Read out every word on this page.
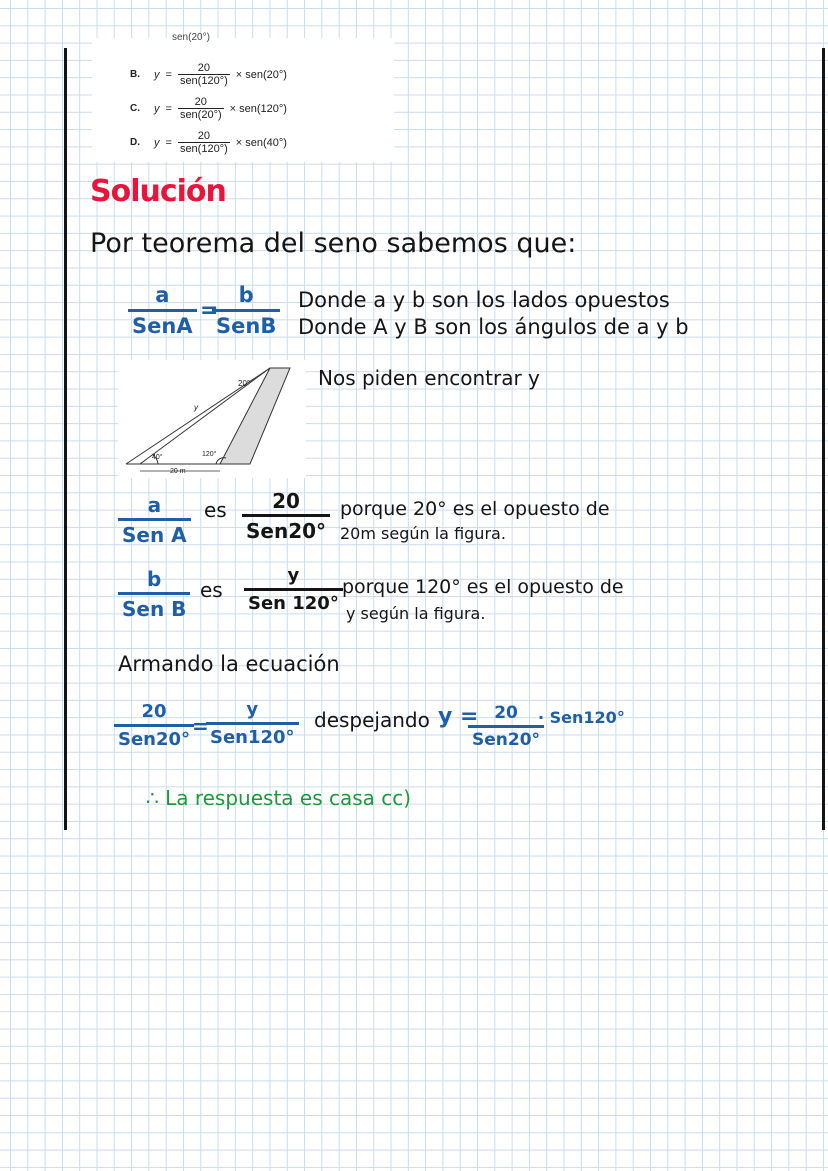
sen(20°)
B.	$y = \frac{20}{\text{sen(120°)}} \times sen(20^\circ)$
C.	$y = \frac{20}{\text{sen(20°)}} \times sen(120^\circ)$
D.	$y = \frac{20}{\text{sen(120°)}} \times sen(40^\circ)$
Solución
Por teorema del seno sabemos que:
a
SenA
=
b
SenB
Donde a y b son los lados opuestos
Donde A y B son los ángulos de a y b
20°
40°	120°
y
20 m
Nos piden encontrar y
a
Sen A
es	20
Sen20°
porque 20° es el opuesto de
20m según la figura.
b
Sen B
es
y
Sen 120°
porque 120° es el opuesto de
y según la figura.
Armando la ecuación
20
Sen20°
=
y
Sen120°
despejando y = 20
Sen20°
· Sen120°
∴ La respuesta es casa cc)
